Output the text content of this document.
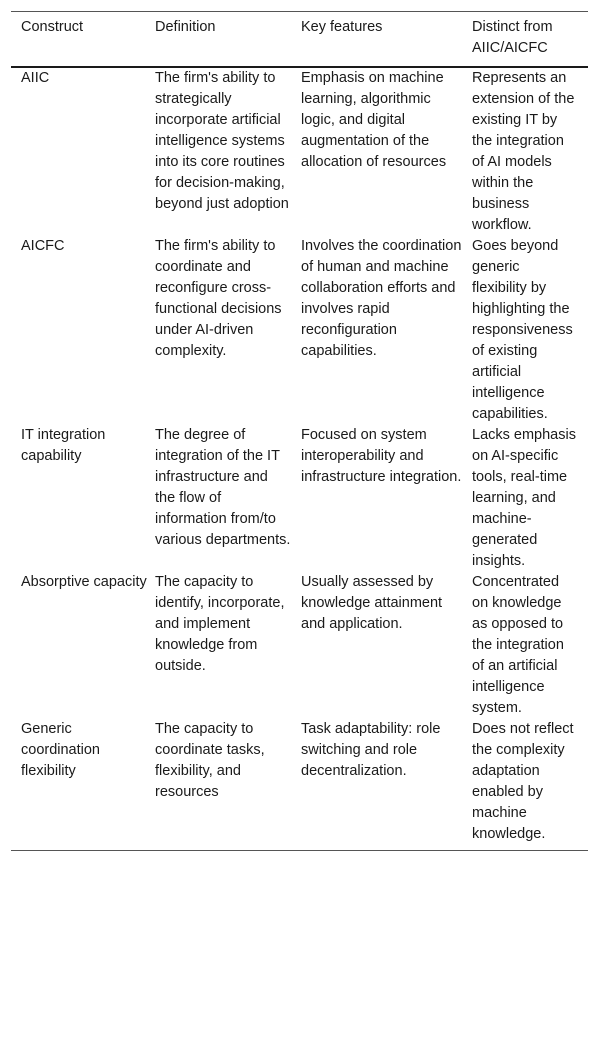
Construct	Definition	Key features	Distinct from AIIC/AICFC
AIIC	The firm's ability to strategically incorporate artificial intelligence systems into its core routines for decision-making, beyond just adoption	Emphasis on machine learning, algorithmic logic, and digital augmentation of the allocation of resources	Represents an extension of the existing IT by the integration of AI models within the business workflow.
AICFC	The firm's ability to coordinate and reconfigure cross-functional decisions under AI-driven complexity.	Involves the coordination of human and machine collaboration efforts and involves rapid reconfiguration capabilities.	Goes beyond generic flexibility by highlighting the responsiveness of existing artificial intelligence capabilities.
IT integration capability	The degree of integration of the IT infrastructure and the flow of information from/to various departments.	Focused on system interoperability and infrastructure integration.	Lacks emphasis on AI-specific tools, real-time learning, and machine-generated insights.
Absorptive capacity	The capacity to identify, incorporate, and implement knowledge from outside.	Usually assessed by knowledge attainment and application.	Concentrated on knowledge as opposed to the integration of an artificial intelligence system.
Generic coordination flexibility	The capacity to coordinate tasks, flexibility, and resources	Task adaptability: role switching and role decentralization.	Does not reflect the complexity adaptation enabled by machine knowledge.
